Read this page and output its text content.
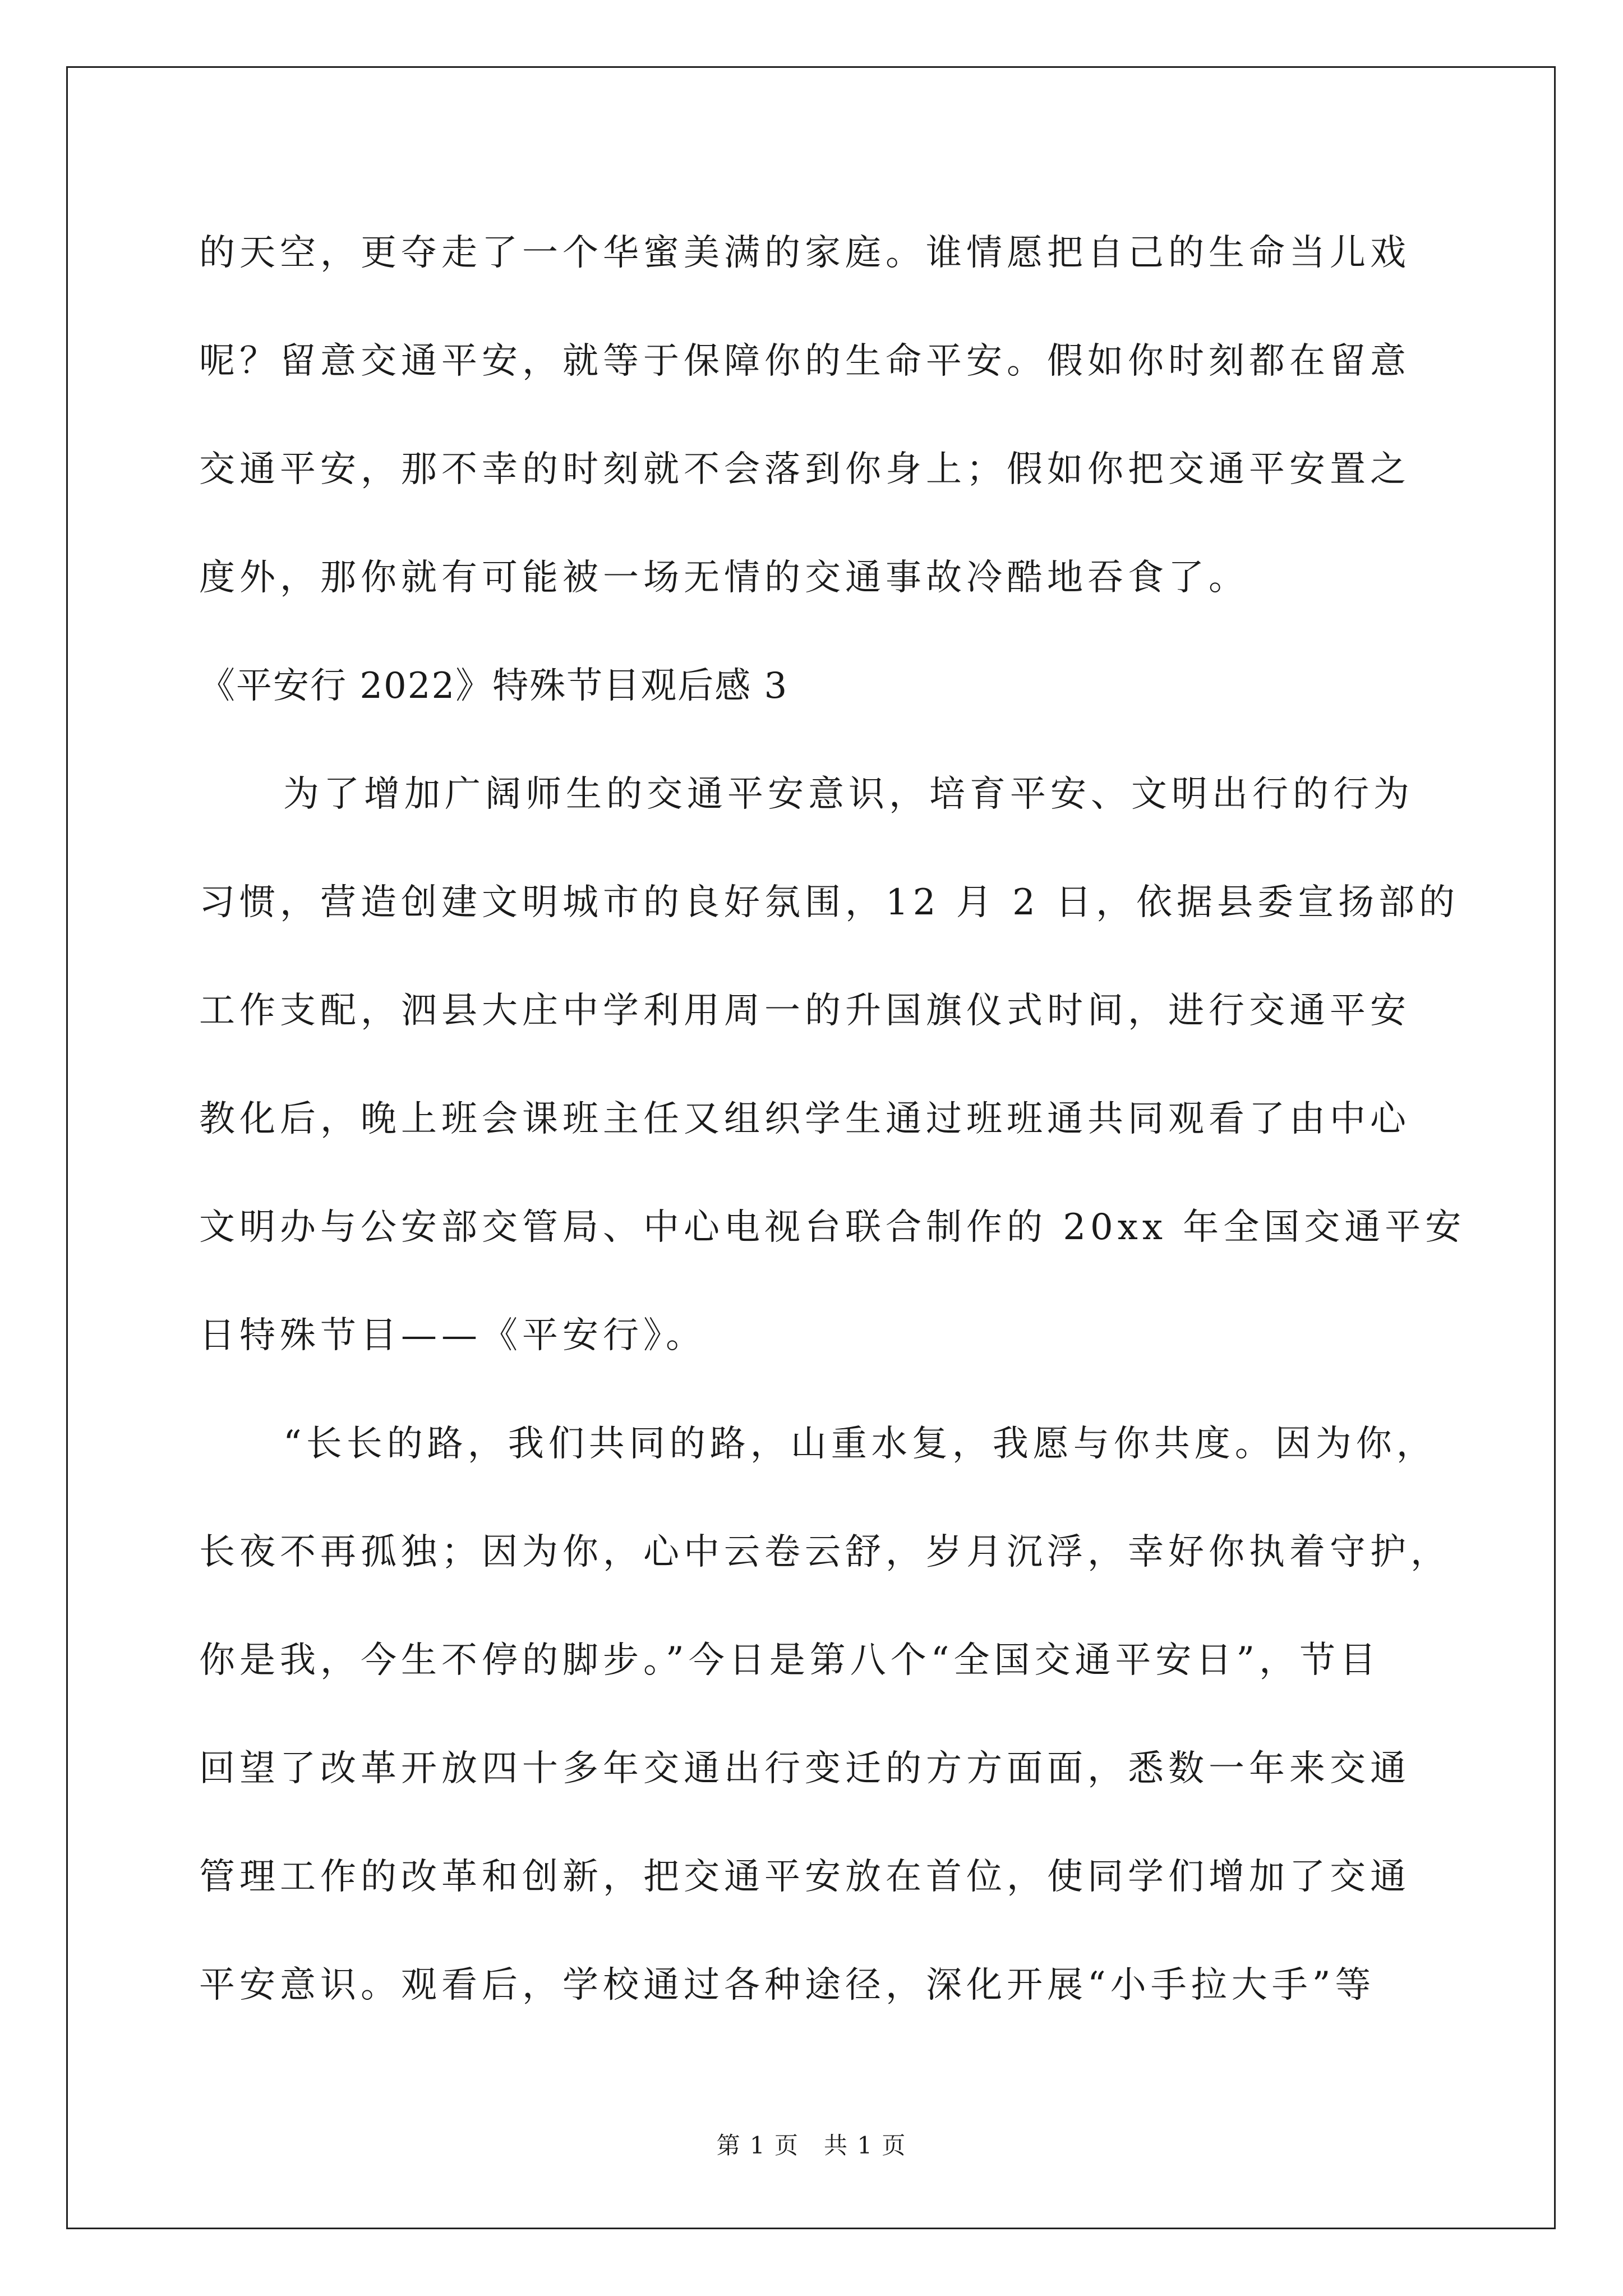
的天空，更夺走了一个华蜜美满的家庭。谁情愿把自己的生命当儿戏

呢？留意交通平安，就等于保障你的生命平安。假如你时刻都在留意

交通平安，那不幸的时刻就不会落到你身上；假如你把交通平安置之

度外，那你就有可能被一场无情的交通事故冷酷地吞食了。

《平安行 2022》特殊节目观后感 3

为了增加广阔师生的交通平安意识，培育平安、文明出行的行为

习惯，营造创建文明城市的良好氛围，12 月 2 日，依据县委宣扬部的

工作支配，泗县大庄中学利用周一的升国旗仪式时间，进行交通平安

教化后，晚上班会课班主任又组织学生通过班班通共同观看了由中心

文明办与公安部交管局、中心电视台联合制作的 20xx 年全国交通平安

日特殊节目——《平安行》。

“长长的路，我们共同的路，山重水复，我愿与你共度。因为你，

长夜不再孤独；因为你，心中云卷云舒，岁月沉浮，幸好你执着守护，

你是我，今生不停的脚步。”今日是第八个“全国交通平安日”，节目

回望了改革开放四十多年交通出行变迁的方方面面，悉数一年来交通

管理工作的改革和创新，把交通平安放在首位，使同学们增加了交通

平安意识。观看后，学校通过各种途径，深化开展“小手拉大手”等

第 1 页　共 1 页
